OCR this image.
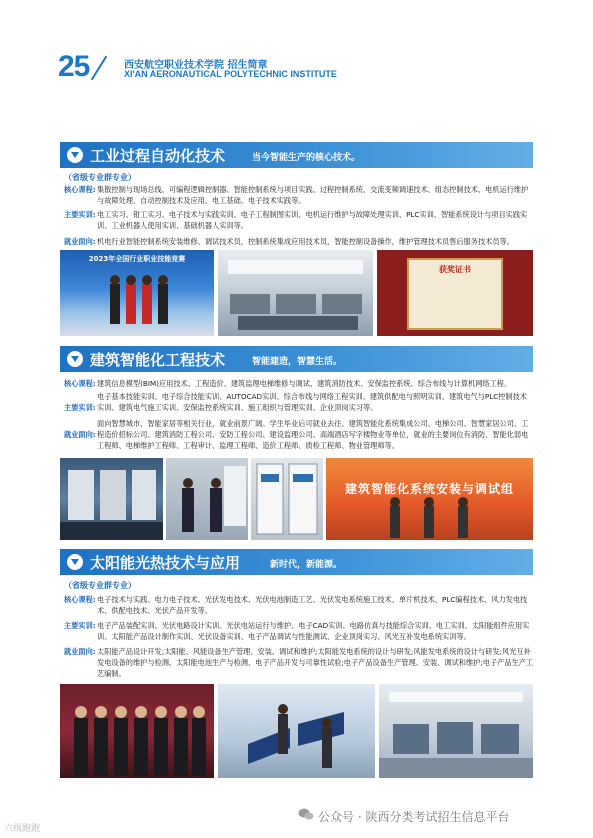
25	西安航空职业技术学院 招生简章
XI'AN AERONAUTICAL POLYTECHNIC INSTITUTE
工业过程自动化技术	当今智能生产的核心技术。
（省级专业群专业）
核心课程: 集散控制与现场总线、可编程逻辑控制器、智能控制系统与项目实践、过程控制系统、交流变频调速技术、组态控制技术、电机运行维护与故障处理、自动控制技术及应用、电工基础、电子技术实践等。
主要实训: 电工实习、钳工实习、电子技术与实践实训、电子工程制图实训、电机运行维护与故障处理实训、PLC实训、智能系统设计与项目实践实训、工业机器人使用实训、基础机器人实训等。
就业面向: 机电行业智能控制系统安装维修、调试技术员，控制系统集成应用技术员，智能控制设备操作，维护管理技术员售后服务技术员等。
2023年全国行业职业技能竞赛
获奖证书
建筑智能化工程技术	智能建造，智慧生活。
核心课程: 建筑信息模型(BIM)应用技术、工程造价、建筑监理电梯维修与调试、建筑消防技术、安保监控系统、综合布线与计算机网络工程。
主要实训:
电子基本技能实训、电子综合技能实训、AUTOCAD实训、综合布线与网络工程实训、建筑供配电与照明实训、建筑电气与PLC控制技术实训、建筑电气施工实训、安保监控系统实训、施工组织与管理实训、企业顶岗实习等。
就业面向:
面向智慧城市、智能家居等相关行业，就业前景广阔。学生毕业后可就业去往、建筑智能化系统集成公司、电梯公司、智慧家居公司、工程造价招标公司、建筑消防工程公司、安防工程公司、建设监理公司、高端酒店写字楼物业等单位，就业的主要岗位有消防、智能化弱电工程师、电梯维护工程师、工程审计、监理工程师、造价工程师、质检工程师、物业管理师等。
建筑智能化系统安装与调试组
太阳能光热技术与应用	新时代，新能源。
（省级专业群专业）
核心课程: 电子技术与实践、电力电子技术、光伏发电技术、光伏电池制造工艺、光伏发电系统施工技术、单片机技术、PLC编程技术、风力发电技术、供配电技术、光伏产品开发等。
主要实训: 电子产品装配实训、光伏电路设计实训、光伏电站运行与维护、电子CAD实训、电路仿真与技能综合实训、电工实训、太阳能组件应用实训、太阳能产品设计制作实训、光伏设备实训、电子产品调试与性能测试、企业顶岗实习、风光互补发电系统实训等。
就业面向: 太阳能产品设计开发;太阳能、风能设备生产管理、安装、调试和维护;太阳能发电系统的设计与研发;风能发电系统的设计与研发;风光互补发电设备的维护与检测、太阳能电池生产与检测、电子产品开发与可靠性试验;电子产品设备生产管理、安装、调试和维护;电子产品生产工艺编制。
六级跑跑
公众号 · 陕西分类考试招生信息平台
